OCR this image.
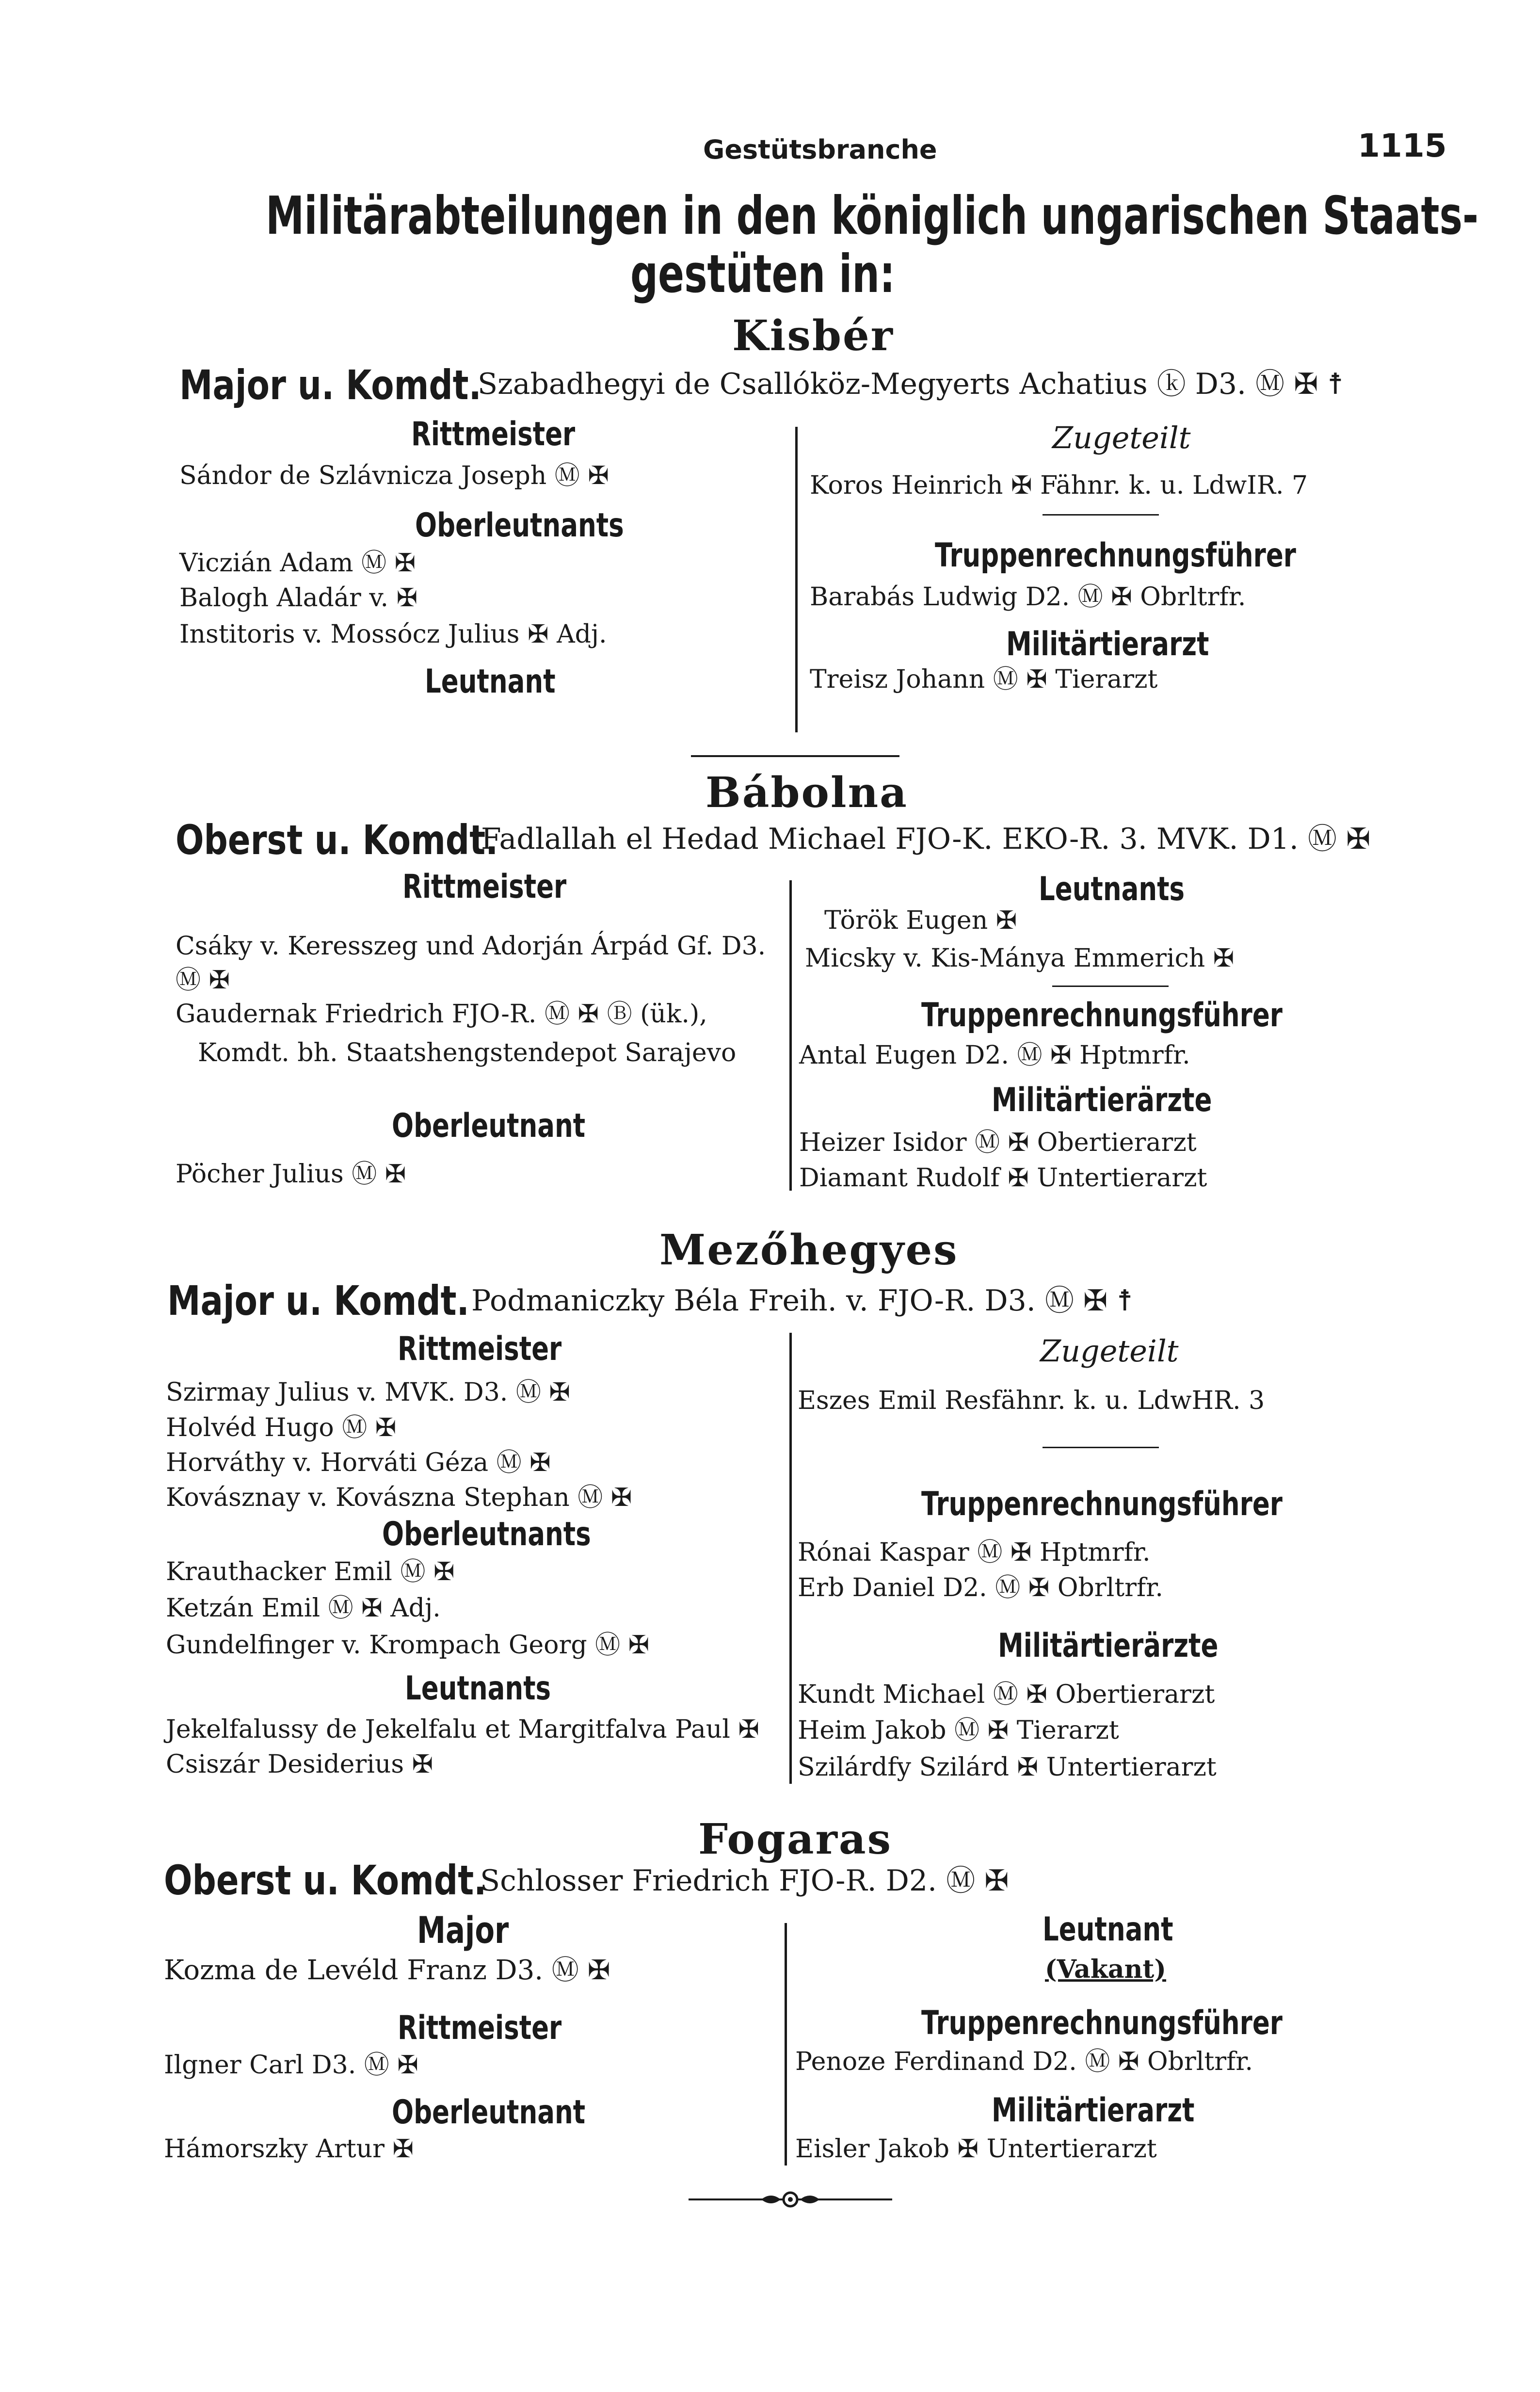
Gestütsbranche	1115
Militärabteilungen in den königlich ungarischen Staats-
gestüten in:
Kisbér
Major u. Komdt.
Szabadhegyi de Csallóköz-Megyerts Achatius ⓚ D3. Ⓜ ✠ ☨
Rittmeister
Sándor de Szlávnicza Joseph Ⓜ ✠
Oberleutnants
Viczián Adam Ⓜ ✠
Balogh Aladár v. ✠
Institoris v. Mossócz Julius ✠ Adj.
Leutnant
Zugeteilt
Koros Heinrich ✠ Fähnr. k. u. LdwIR. 7
Truppenrechnungsführer
Barabás Ludwig D2. Ⓜ ✠ Obrltrfr.
Militärtierarzt
Treisz Johann Ⓜ ✠ Tierarzt
Bábolna
Oberst u. Komdt.
Fadlallah el Hedad Michael FJO-K. EKO-R. 3. MVK. D1. Ⓜ ✠
Rittmeister
Csáky v. Keresszeg und Adorján Árpád Gf. D3.
Ⓜ ✠
Gaudernak Friedrich FJO-R. Ⓜ ✠ Ⓑ (ük.),
Komdt. bh. Staatshengstendepot Sarajevo
Oberleutnant
Pöcher Julius Ⓜ ✠
Leutnants
Török Eugen ✠
Micsky v. Kis-Mánya Emmerich ✠
Truppenrechnungsführer
Antal Eugen D2. Ⓜ ✠ Hptmrfr.
Militärtierärzte
Heizer Isidor Ⓜ ✠ Obertierarzt
Diamant Rudolf ✠ Untertierarzt
Mezőhegyes
Major u. Komdt. Podmaniczky Béla Freih. v. FJO-R. D3. Ⓜ ✠ ☨
Rittmeister
Szirmay Julius v. MVK. D3. Ⓜ ✠
Holvéd Hugo Ⓜ ✠
Horváthy v. Horváti Géza Ⓜ ✠
Kovásznay v. Kovászna Stephan Ⓜ ✠
Oberleutnants
Krauthacker Emil Ⓜ ✠
Ketzán Emil Ⓜ ✠ Adj.
Gundelfinger v. Krompach Georg Ⓜ ✠
Leutnants
Jekelfalussy de Jekelfalu et Margitfalva Paul ✠
Csiszár Desiderius ✠
Zugeteilt
Eszes Emil Resfähnr. k. u. LdwHR. 3
Truppenrechnungsführer
Rónai Kaspar Ⓜ ✠ Hptmrfr.
Erb Daniel D2. Ⓜ ✠ Obrltrfr.
Militärtierärzte
Kundt Michael Ⓜ ✠ Obertierarzt
Heim Jakob Ⓜ ✠ Tierarzt
Szilárdfy Szilárd ✠ Untertierarzt
Fogaras
Oberst u. Komdt.
Schlosser Friedrich FJO-R. D2. Ⓜ ✠
Major
Kozma de Levéld Franz D3. Ⓜ ✠
Rittmeister
Ilgner Carl D3. Ⓜ ✠
Oberleutnant
Hámorszky Artur ✠
Leutnant
(Vakant)
Truppenrechnungsführer
Penoze Ferdinand D2. Ⓜ ✠ Obrltrfr.
Militärtierarzt
Eisler Jakob ✠ Untertierarzt
